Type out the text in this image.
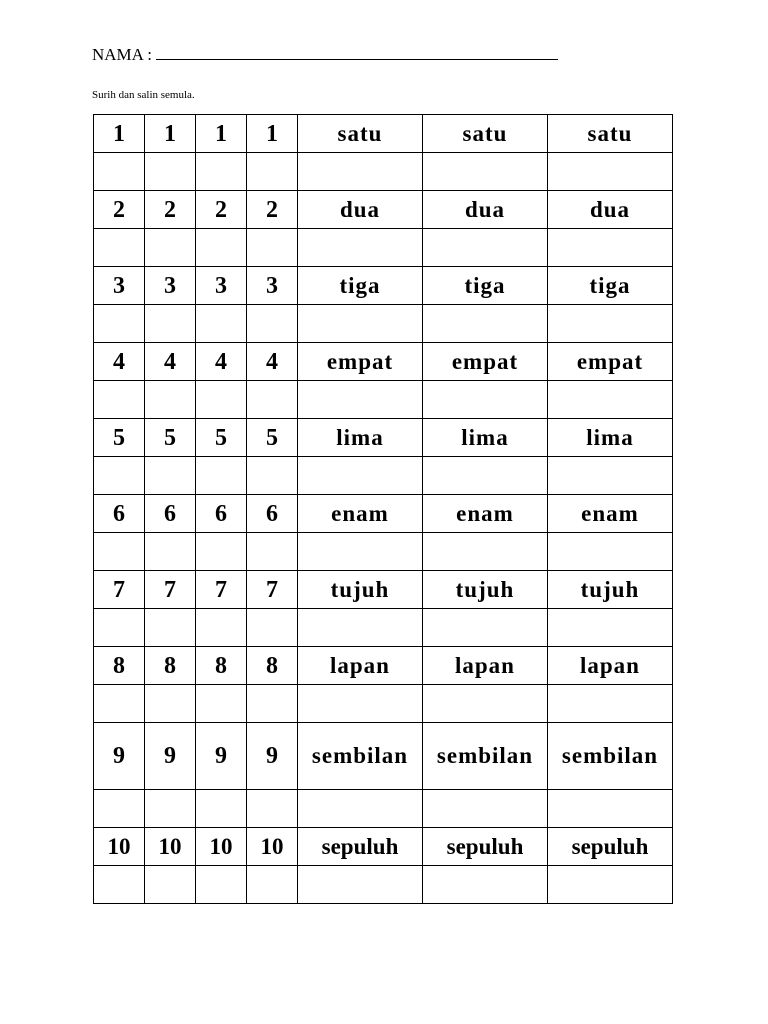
NAMA :
Surih dan salin semula.
1	1	1	1	satu	satu	satu

2	2	2	2	dua	dua	dua

3	3	3	3	tiga	tiga	tiga

4	4	4	4	empat	empat	empat

5	5	5	5	lima	lima	lima

6	6	6	6	enam	enam	enam

7	7	7	7	tujuh	tujuh	tujuh

8	8	8	8	lapan	lapan	lapan

9	9	9	9	sembilan	sembilan	sembilan

10	10	10	10	sepuluh	sepuluh	sepuluh
